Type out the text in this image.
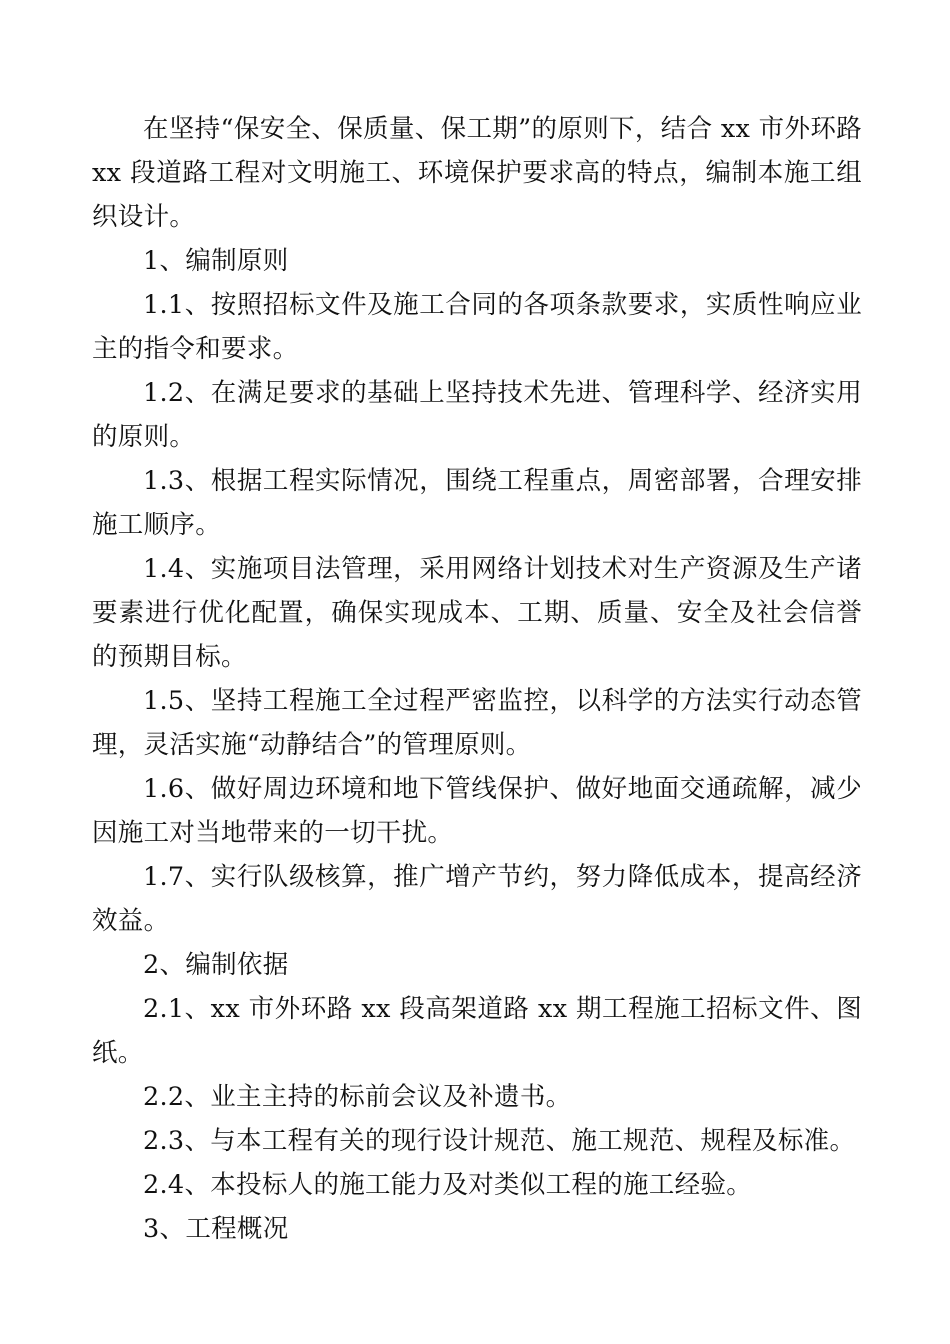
在坚持“保安全、保质量、保工期”的原则下，结合 xx 市外环路 xx 段道路工程对文明施工、环境保护要求高的特点，编制本施工组织设计。

1、编制原则

1.1、按照招标文件及施工合同的各项条款要求，实质性响应业主的指令和要求。

1.2、在满足要求的基础上坚持技术先进、管理科学、经济实用的原则。

1.3、根据工程实际情况，围绕工程重点，周密部署，合理安排施工顺序。

1.4、实施项目法管理，采用网络计划技术对生产资源及生产诸要素进行优化配置，确保实现成本、工期、质量、安全及社会信誉的预期目标。

1.5、坚持工程施工全过程严密监控，以科学的方法实行动态管理，灵活实施“动静结合”的管理原则。

1.6、做好周边环境和地下管线保护、做好地面交通疏解，减少因施工对当地带来的一切干扰。

1.7、实行队级核算，推广增产节约，努力降低成本，提高经济效益。

2、编制依据

2.1、xx 市外环路 xx 段高架道路 xx 期工程施工招标文件、图纸。

2.2、业主主持的标前会议及补遗书。

2.3、与本工程有关的现行设计规范、施工规范、规程及标准。

2.4、本投标人的施工能力及对类似工程的施工经验。

3、工程概况
